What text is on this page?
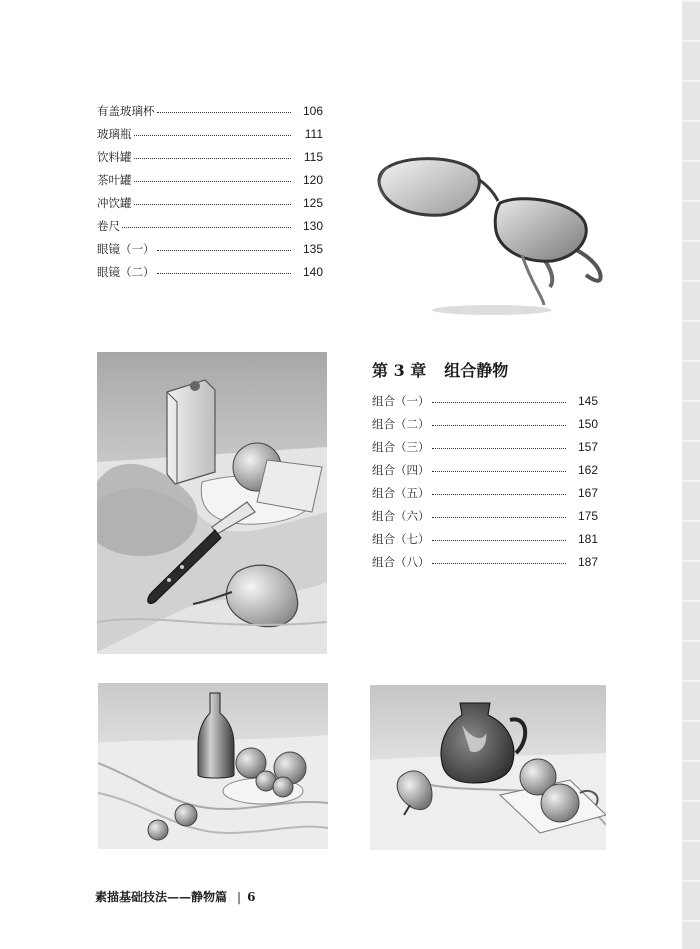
有盖玻璃杯	106
玻璃瓶	111
饮料罐	115
茶叶罐	120
冲饮罐	125
卷尺	130
眼镜（一）	135
眼镜（二）	140
第 3 章 组合静物
组合（一）	145
组合（二）	150
组合（三）	157
组合（四）	162
组合（五）	167
组合（六）	175
组合（七）	181
组合（八）	187
素描基础技法——静物篇 | 6
